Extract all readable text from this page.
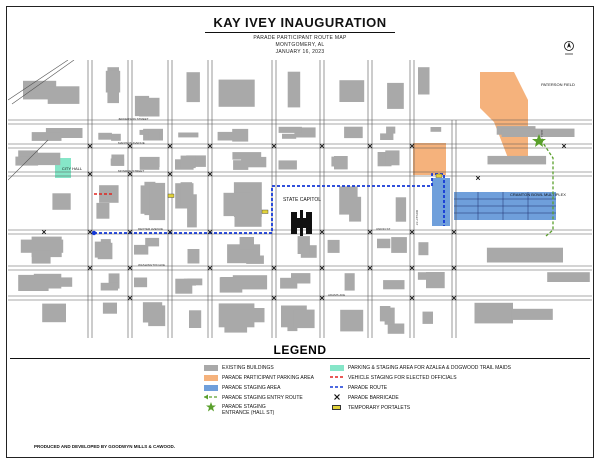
KAY IVEY INAUGURATION
PARADE PARTICIPANT ROUTE MAP
MONTGOMERY, AL
JANUARY 16, 2023
STATE CAPITOL
CITY HALL
PATERSON FIELD
CRAMTON BOWL MULTIPLEX
JEFFERSON STREET
MADISON AVENUE
MONROE STREET
DEXTER AVENUE
WASHINGTON AVE
ADAMS AVE
UNION ST
HALL ST
RIPLEY ST
LEGEND
EXISTING BUILDINGS
PARADE PARTICIPANT PARKING AREA
PARADE STAGING AREA
PARADE STAGING ENTRY ROUTE
PARADE STAGING ENTRANCE (HALL ST)
PARKING & STAGING AREA FOR AZALEA & DOGWOOD TRAIL MAIDS
VEHICLE STAGING FOR ELECTED OFFICIALS
PARADE ROUTE
PARADE BARRICADE
TEMPORARY PORTALETS
PRODUCED AND DEVELOPED BY GOODWYN MILLS & CAWOOD.
